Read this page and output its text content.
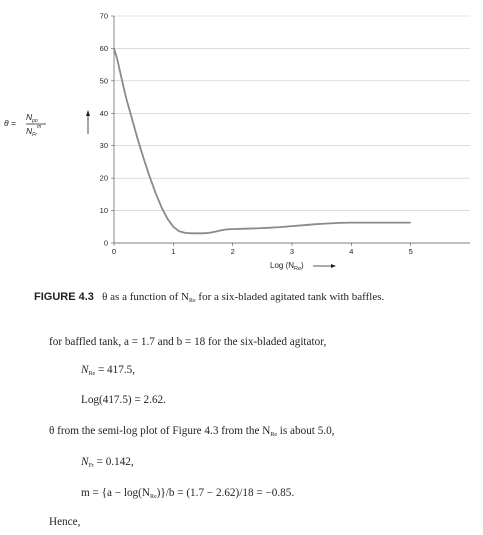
0
10
20
30
40
50
60
70
0	1	2	3	4	5
Log $(N_{Re})$
θ =
$N_{po}$
$N_{Fr}$
m
FIGURE 4.3 θ as a function of $N_{Re}$ for a six-bladed agitated tank with baffles.
for baffled tank, a = 1.7 and b = 18 for the six-bladed agitator,
$N_{Re} = 417.5$,
Log(417.5) = 2.62.
θ from the semi-log plot of Figure 4.3 from the $N_{Re}$ is about 5.0,
$N_{Fr} = 0.142$,
$m = \{a - \log(N_{Re})\}/b = (1.7 - 2.62)/18 = -0.85$.
Hence,
